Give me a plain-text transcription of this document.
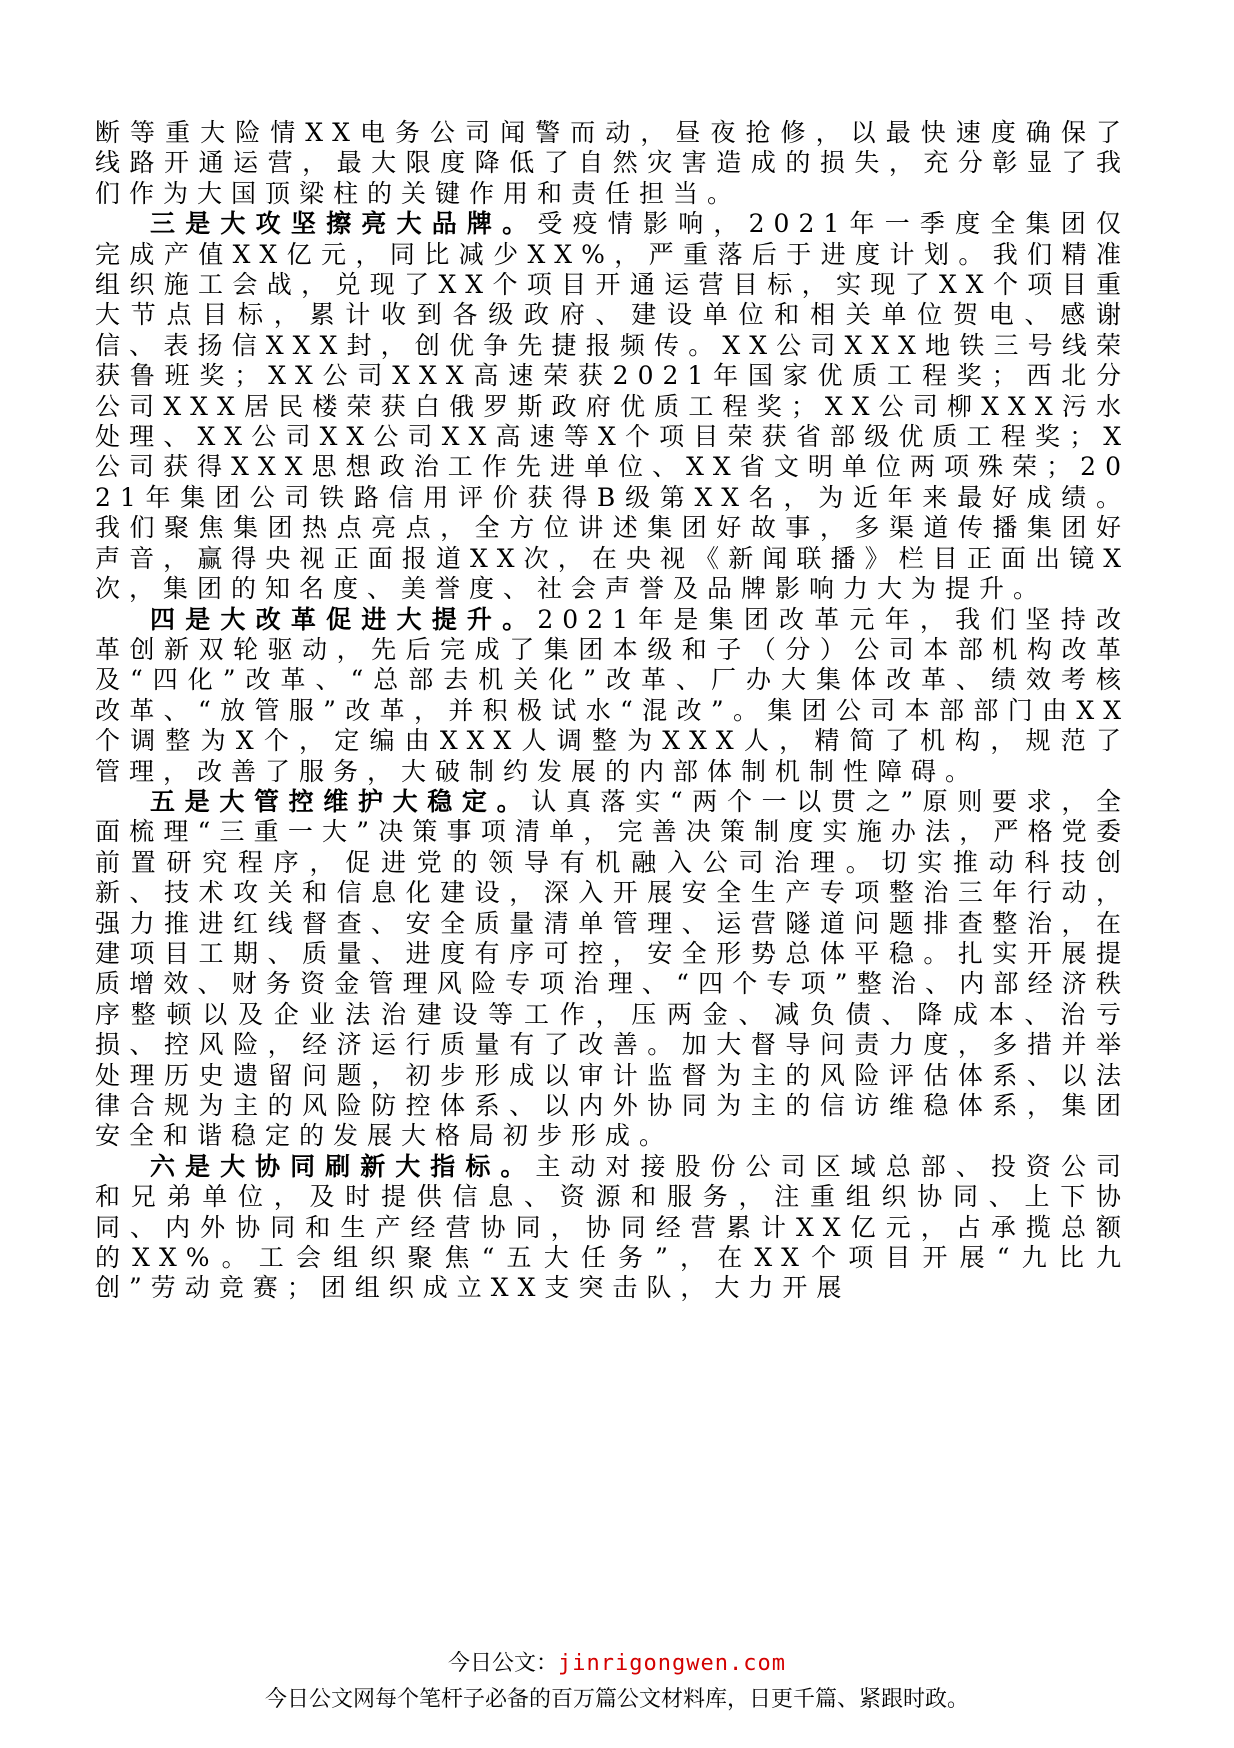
断等重大险情XX电务公司闻警而动，昼夜抢修，以最快速度确保了线路开通运营，最大限度降低了自然灾害造成的损失，充分彰显了我们作为大国顶梁柱的关键作用和责任担当。

三是大攻坚擦亮大品牌。受疫情影响，2021年一季度全集团仅完成产值XX亿元，同比减少XX%，严重落后于进度计划。我们精准组织施工会战，兑现了XX个项目开通运营目标，实现了XX个项目重大节点目标，累计收到各级政府、建设单位和相关单位贺电、感谢信、表扬信XXX封，创优争先捷报频传。XX公司XXX地铁三号线荣获鲁班奖；XX公司XXX高速荣获2021年国家优质工程奖；西北分公司XXX居民楼荣获白俄罗斯政府优质工程奖；XX公司柳XXX污水处理、XX公司XX公司XX高速等X个项目荣获省部级优质工程奖；X公司获得XXX思想政治工作先进单位、XX省文明单位两项殊荣；2021年集团公司铁路信用评价获得B级第XX名，为近年来最好成绩。我们聚焦集团热点亮点，全方位讲述集团好故事，多渠道传播集团好声音，赢得央视正面报道XX次，在央视《新闻联播》栏目正面出镜X次，集团的知名度、美誉度、社会声誉及品牌影响力大为提升。

四是大改革促进大提升。2021年是集团改革元年，我们坚持改革创新双轮驱动，先后完成了集团本级和子（分）公司本部机构改革及“四化”改革、“总部去机关化”改革、厂办大集体改革、绩效考核改革、“放管服”改革，并积极试水“混改”。集团公司本部部门由XX个调整为X个，定编由XXX人调整为XXX人，精简了机构，规范了管理，改善了服务，大破制约发展的内部体制机制性障碍。

五是大管控维护大稳定。认真落实“两个一以贯之”原则要求，全面梳理“三重一大”决策事项清单，完善决策制度实施办法，严格党委前置研究程序，促进党的领导有机融入公司治理。切实推动科技创新、技术攻关和信息化建设，深入开展安全生产专项整治三年行动，强力推进红线督查、安全质量清单管理、运营隧道问题排查整治，在建项目工期、质量、进度有序可控，安全形势总体平稳。扎实开展提质增效、财务资金管理风险专项治理、“四个专项”整治、内部经济秩序整顿以及企业法治建设等工作，压两金、减负债、降成本、治亏损、控风险，经济运行质量有了改善。加大督导问责力度，多措并举处理历史遗留问题，初步形成以审计监督为主的风险评估体系、以法律合规为主的风险防控体系、以内外协同为主的信访维稳体系，集团安全和谐稳定的发展大格局初步形成。

六是大协同刷新大指标。主动对接股份公司区域总部、投资公司和兄弟单位，及时提供信息、资源和服务，注重组织协同、上下协同、内外协同和生产经营协同，协同经营累计XX亿元，占承揽总额的XX%。工会组织聚焦“五大任务”，在XX个项目开展“九比九创”劳动竞赛；团组织成立XX支突击队，大力开展

今日公文：jinrigongwen.com
今日公文网每个笔杆子必备的百万篇公文材料库，日更千篇、紧跟时政。
